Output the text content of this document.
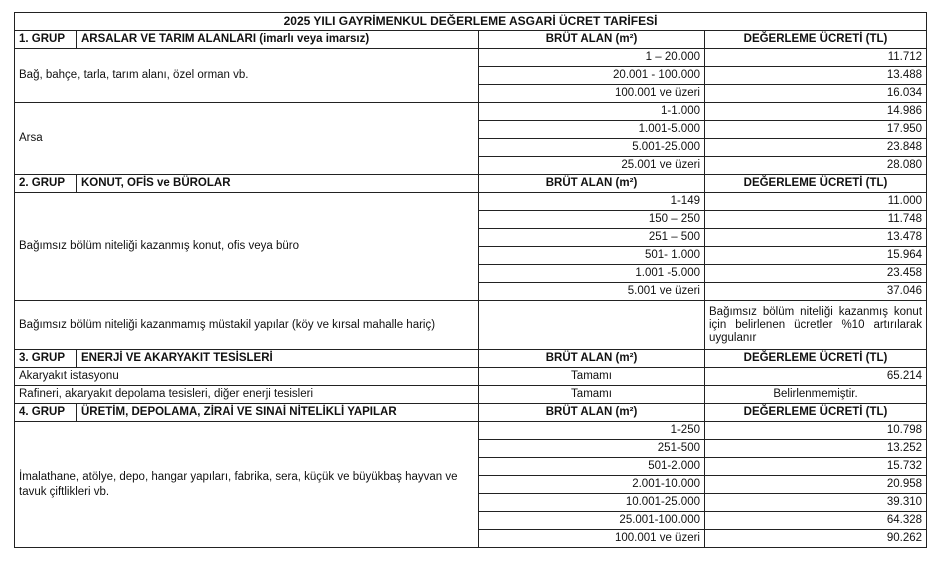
2025 YILI GAYRİMENKUL DEĞERLEME ASGARİ ÜCRET TARİFESİ			
1. GRUP	ARSALAR VE TARIM ALANLARI (imarlı veya imarsız)	BRÜT ALAN (m²)	DEĞERLEME ÜCRETİ (TL)
Bağ, bahçe, tarla, tarım alanı, özel orman vb.		1 – 20.000	11.712
		20.001 - 100.000	13.488
		100.001 ve üzeri	16.034
Arsa		1-1.000	14.986
		1.001-5.000	17.950
		5.001-25.000	23.848
		25.001 ve üzeri	28.080
2. GRUP	KONUT, OFİS ve BÜROLAR	BRÜT ALAN (m²)	DEĞERLEME ÜCRETİ (TL)
Bağımsız bölüm niteliği kazanmış konut, ofis veya büro		1-149	11.000
		150 – 250	11.748
		251 – 500	13.478
		501- 1.000	15.964
		1.001 -5.000	23.458
		5.001 ve üzeri	37.046
Bağımsız bölüm niteliği kazanmamış müstakil yapılar (köy ve kırsal mahalle hariç)			Bağımsız bölüm niteliği kazanmış konut için belirlenen ücretler %10 artırılarak uygulanır
3. GRUP	ENERJİ VE AKARYAKIT TESİSLERİ	BRÜT ALAN (m²)	DEĞERLEME ÜCRETİ (TL)
Akaryakıt istasyonu		Tamamı	65.214
Rafineri, akaryakıt depolama tesisleri, diğer enerji tesisleri		Tamamı	Belirlenmemiştir.
4. GRUP	ÜRETİM, DEPOLAMA, ZİRAİ VE SINAİ NİTELİKLİ YAPILAR	BRÜT ALAN (m²)	DEĞERLEME ÜCRETİ (TL)
İmalathane, atölye, depo, hangar yapıları, fabrika, sera, küçük ve büyükbaş hayvan ve tavuk çiftlikleri vb.		1-250	10.798
		251-500	13.252
		501-2.000	15.732
		2.001-10.000	20.958
		10.001-25.000	39.310
		25.001-100.000	64.328
		100.001 ve üzeri	90.262
